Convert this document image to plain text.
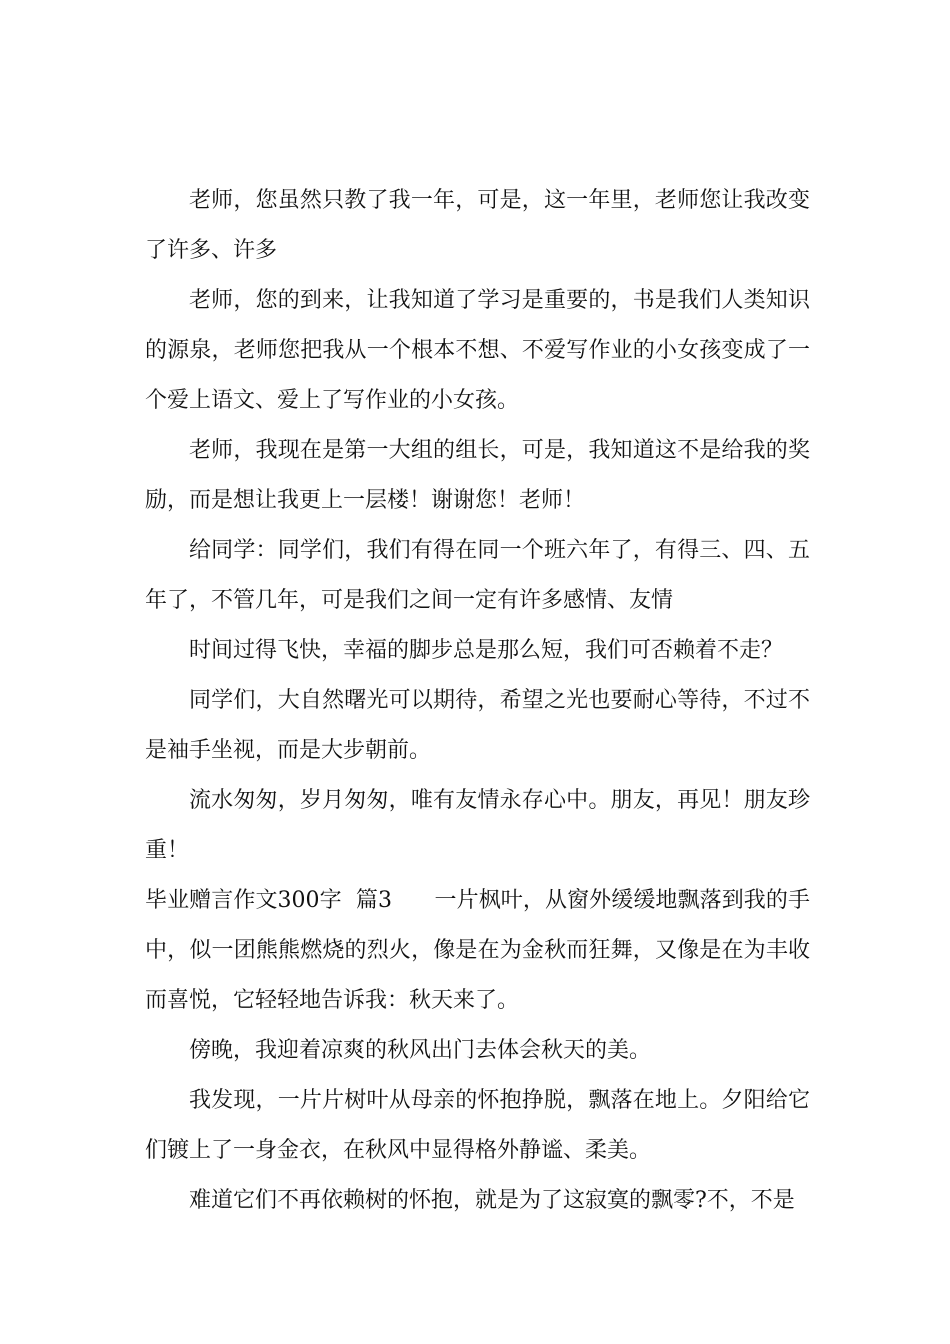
老师，您虽然只教了我一年，可是，这一年里，老师您让我改变了许多、许多

老师，您的到来，让我知道了学习是重要的，书是我们人类知识的源泉，老师您把我从一个根本不想、不爱写作业的小女孩变成了一个爱上语文、爱上了写作业的小女孩。

老师，我现在是第一大组的组长，可是，我知道这不是给我的奖励，而是想让我更上一层楼！谢谢您！老师！

给同学：同学们，我们有得在同一个班六年了，有得三、四、五年了，不管几年，可是我们之间一定有许多感情、友情

时间过得飞快，幸福的脚步总是那么短，我们可否赖着不走？

同学们，大自然曙光可以期待，希望之光也要耐心等待，不过不是袖手坐视，而是大步朝前。

流水匆匆，岁月匆匆，唯有友情永存心中。朋友，再见！朋友珍重！

毕业赠言作文300字  篇3 一片枫叶，从窗外缓缓地飘落到我的手中，似一团熊熊燃烧的烈火，像是在为金秋而狂舞，又像是在为丰收而喜悦，它轻轻地告诉我：秋天来了。

傍晚，我迎着凉爽的秋风出门去体会秋天的美。

我发现，一片片树叶从母亲的怀抱挣脱，飘落在地上。夕阳给它们镀上了一身金衣，在秋风中显得格外静谧、柔美。

难道它们不再依赖树的怀抱，就是为了这寂寞的飘零?不，不是
